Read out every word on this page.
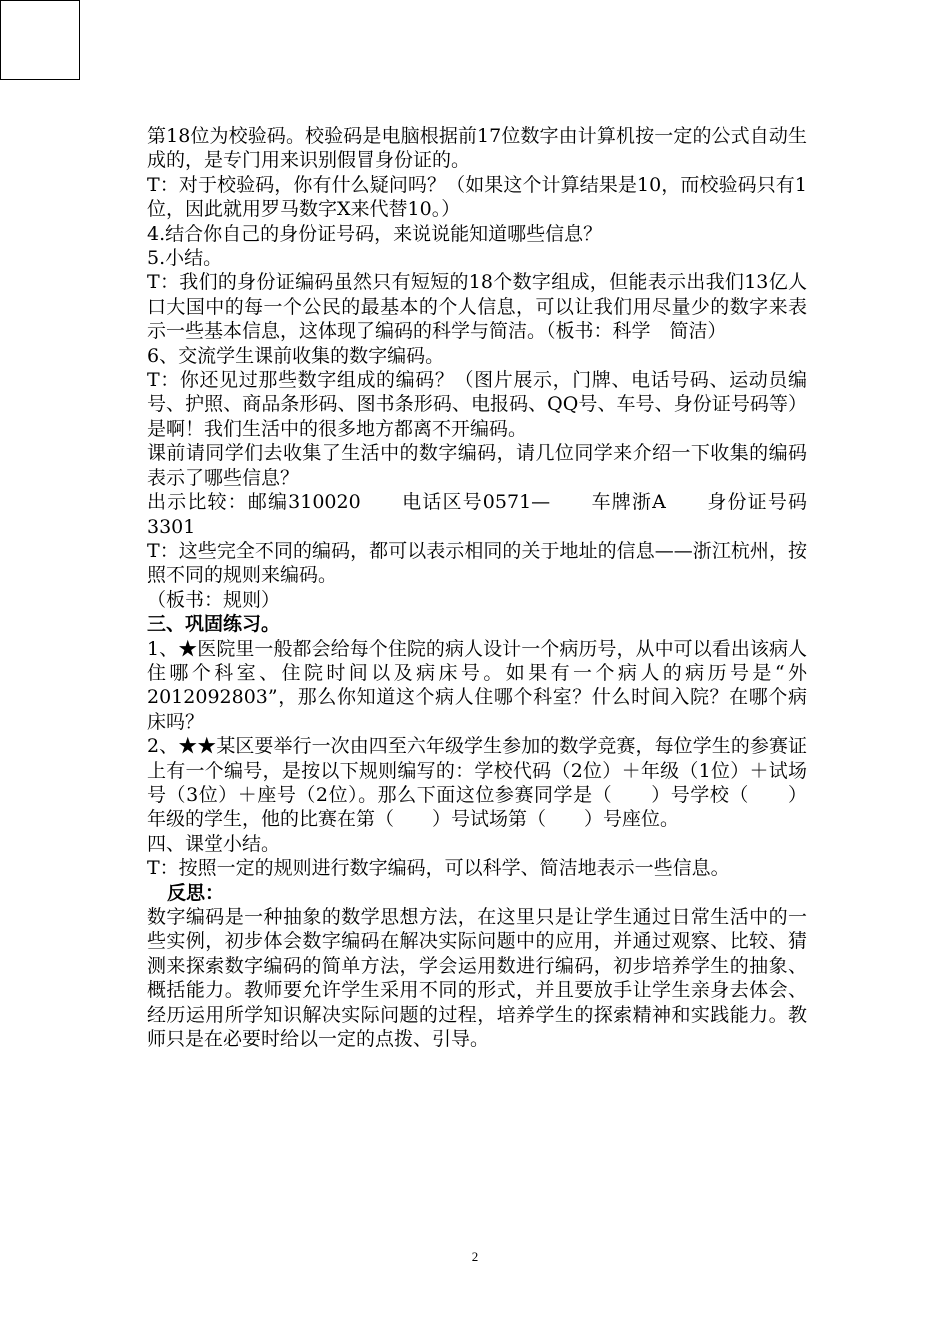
第18位为校验码。校验码是电脑根据前17位数字由计算机按一定的公式自动生成的，是专门用来识别假冒身份证的。

T：对于校验码，你有什么疑问吗？（如果这个计算结果是10，而校验码只有1位，因此就用罗马数字X来代替10。）

4.结合你自己的身份证号码，来说说能知道哪些信息？

5.小结。

T：我们的身份证编码虽然只有短短的18个数字组成，但能表示出我们13亿人口大国中的每一个公民的最基本的个人信息，可以让我们用尽量少的数字来表示一些基本信息，这体现了编码的科学与简洁。（板书：科学　简洁）

6、交流学生课前收集的数字编码。

T：你还见过那些数字组成的编码？（图片展示，门牌、电话号码、运动员编号、护照、商品条形码、图书条形码、电报码、QQ号、车号、身份证号码等）是啊！我们生活中的很多地方都离不开编码。

课前请同学们去收集了生活中的数字编码，请几位同学来介绍一下收集的编码表示了哪些信息？

出示比较：邮编310020　　电话区号0571—　　车牌浙A　　身份证号码3301

T：这些完全不同的编码，都可以表示相同的关于地址的信息——浙江杭州，按照不同的规则来编码。

（板书：规则）

三、巩固练习。

1、★医院里一般都会给每个住院的病人设计一个病历号，从中可以看出该病人住哪个科室、住院时间以及病床号。如果有一个病人的病历号是“外2012092803”，那么你知道这个病人住哪个科室？什么时间入院？在哪个病床吗？

2、★★某区要举行一次由四至六年级学生参加的数学竞赛，每位学生的参赛证上有一个编号，是按以下规则编写的：学校代码（2位）＋年级（1位）＋试场号（3位）＋座号（2位）。那么下面这位参赛同学是（　　）号学校（　　）年级的学生，他的比赛在第（　　）号试场第（　　）号座位。

四、课堂小结。

T：按照一定的规则进行数字编码，可以科学、简洁地表示一些信息。

反思：

数字编码是一种抽象的数学思想方法，在这里只是让学生通过日常生活中的一些实例，初步体会数字编码在解决实际问题中的应用，并通过观察、比较、猜测来探索数字编码的简单方法，学会运用数进行编码，初步培养学生的抽象、概括能力。教师要允许学生采用不同的形式，并且要放手让学生亲身去体会、经历运用所学知识解决实际问题的过程，培养学生的探索精神和实践能力。教师只是在必要时给以一定的点拨、引导。

2
